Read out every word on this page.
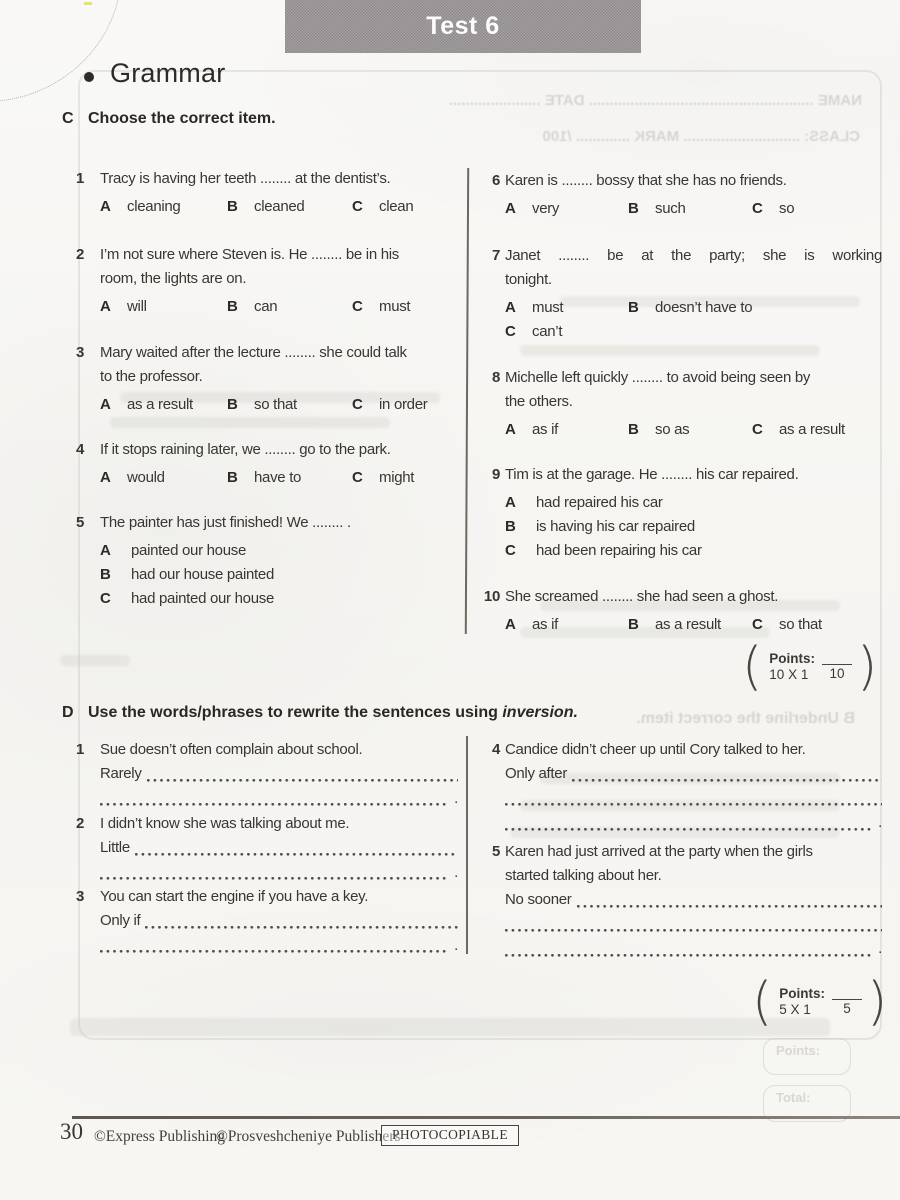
NAME ...................................................... DATE ......................
CLASS: ............................ MARK ............. /100
B Underline the correct item.
Points:
Total:
Test 6
Grammar
C Choose the correct item.
1	Tracy is having her teeth ........ at the dentist’s.
A cleaning	B cleaned	C clean
2	I’m not sure where Steven is. He ........ be in his
room, the lights are on.
A will	B can	C must
3	Mary waited after the lecture ........ she could talk
to the professor.
A as a result B so that	C in order
4	If it stops raining later, we ........ go to the park.
A would	B have to	C might
5	The painter has just finished! We ........ .
A painted our house
B had our house painted
C had painted our house
6 Karen is ........ bossy that she has no friends.
A very	B such	C so
7 Janet ........ be at the party; she is working
tonight.
A must	B doesn’t have to
C can’t
8 Michelle left quickly ........ to avoid being seen by
the others.
A as if	B so as	C as a result
9 Tim is at the garage. He ........ his car repaired.
A had repaired his car
B is having his car repaired
C had been repairing his car
10 She screamed ........ she had seen a ghost.
A as if	B as a result C so that
( Points:
10 X 1	10 )
D Use the words/phrases to rewrite the sentences using inversion.
1	Sue doesn’t often complain about school.
Rarely
.
2	I didn’t know she was talking about me.
Little
.
3	You can start the engine if you have a key.
Only if
.
4 Candice didn’t cheer up until Cory talked to her.
Only after
.
5 Karen had just arrived at the party when the girls
started talking about her.
No sooner
.
( Points:
5 X 1	5 )
30 ©Express Publishing
©Prosveshcheniye Publishers
PHOTOCOPIABLE
